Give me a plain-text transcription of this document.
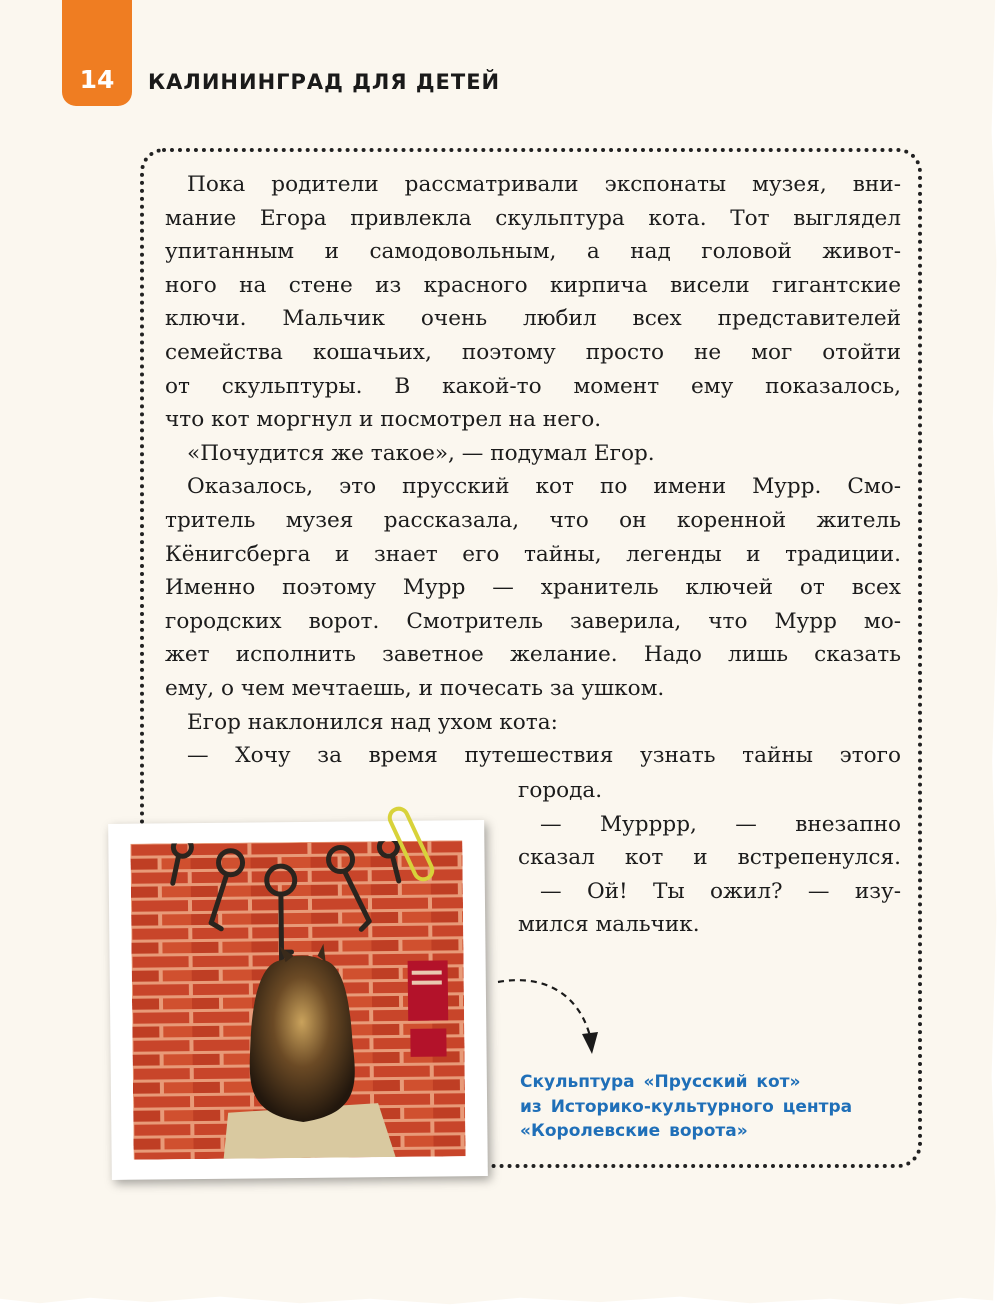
14	КАЛИНИНГРАД ДЛЯ ДЕТЕЙ

Пока родители рассматривали экспонаты музея, вни-

мание Егора привлекла скульптура кота. Тот выглядел

упитанным и самодовольным, а над головой живот-

ного на стене из красного кирпича висели гигантские

ключи. Мальчик очень любил всех представителей

семейства кошачьих, поэтому просто не мог отойти

от скульптуры. В какой-то момент ему показалось,

что кот моргнул и посмотрел на него.

«Почудится же такое», — подумал Егор.

Оказалось, это прусский кот по имени Мурр. Смо-

тритель музея рассказала, что он коренной житель

Кёнигсберга и знает его тайны, легенды и традиции.

Именно поэтому Мурр — хранитель ключей от всех

городских ворот. Смотритель заверила, что Мурр мо-

жет исполнить заветное желание. Надо лишь сказать

ему, о чем мечтаешь, и почесать за ушком.

Егор наклонился над ухом кота:

— Хочу за время путешествия узнать тайны этого

города.

— Мурррр, — внезапно

сказал кот и встрепенулся.

— Ой! Ты ожил? — изу-

мился мальчик.

Скульптура «Прусский кот»
из Историко-культурного центра
«Королевские ворота»
